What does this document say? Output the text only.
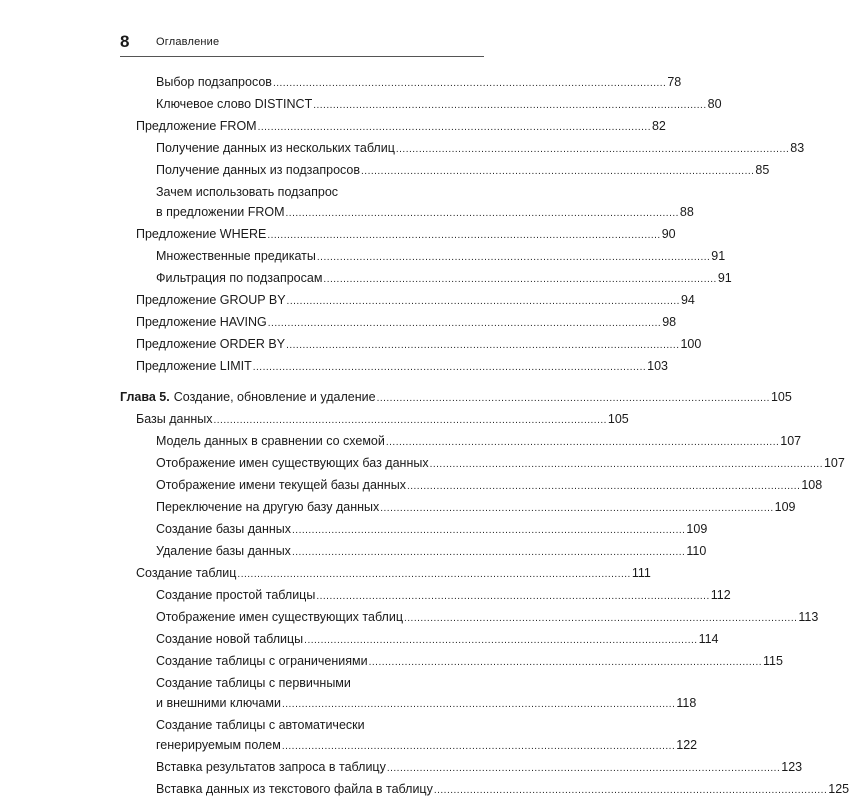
8 Оглавление
Выбор подзапросов ........................................................................................................................ 78
Ключевое слово DISTINCT ........................................................................................................................ 80
Предложение FROM ........................................................................................................................ 82
Получение данных из нескольких таблиц ........................................................................................................................ 83
Получение данных из подзапросов ........................................................................................................................ 85
Зачем использовать подзапрос
в предложении FROM ........................................................................................................................ 88
Предложение WHERE ........................................................................................................................ 90
Множественные предикаты ........................................................................................................................ 91
Фильтрация по подзапросам ........................................................................................................................ 91
Предложение GROUP BY ........................................................................................................................ 94
Предложение HAVING ........................................................................................................................ 98
Предложение ORDER BY ........................................................................................................................ 100
Предложение LIMIT ........................................................................................................................ 103
Глава 5. Создание, обновление и удаление ........................................................................................................................ 105
Базы данных ........................................................................................................................ 105
Модель данных в сравнении со схемой ........................................................................................................................ 107
Отображение имен существующих баз данных ........................................................................................................................ 107
Отображение имени текущей базы данных ........................................................................................................................ 108
Переключение на другую базу данных ........................................................................................................................ 109
Создание базы данных ........................................................................................................................ 109
Удаление базы данных ........................................................................................................................ 110
Создание таблиц ........................................................................................................................ 111
Создание простой таблицы ........................................................................................................................ 112
Отображение имен существующих таблиц ........................................................................................................................ 113
Создание новой таблицы ........................................................................................................................ 114
Создание таблицы с ограничениями ........................................................................................................................ 115
Создание таблицы с первичными
и внешними ключами ........................................................................................................................ 118
Создание таблицы с автоматически
генерируемым полем ........................................................................................................................ 122
Вставка результатов запроса в таблицу ........................................................................................................................ 123
Вставка данных из текстового файла в таблицу ........................................................................................................................ 125
